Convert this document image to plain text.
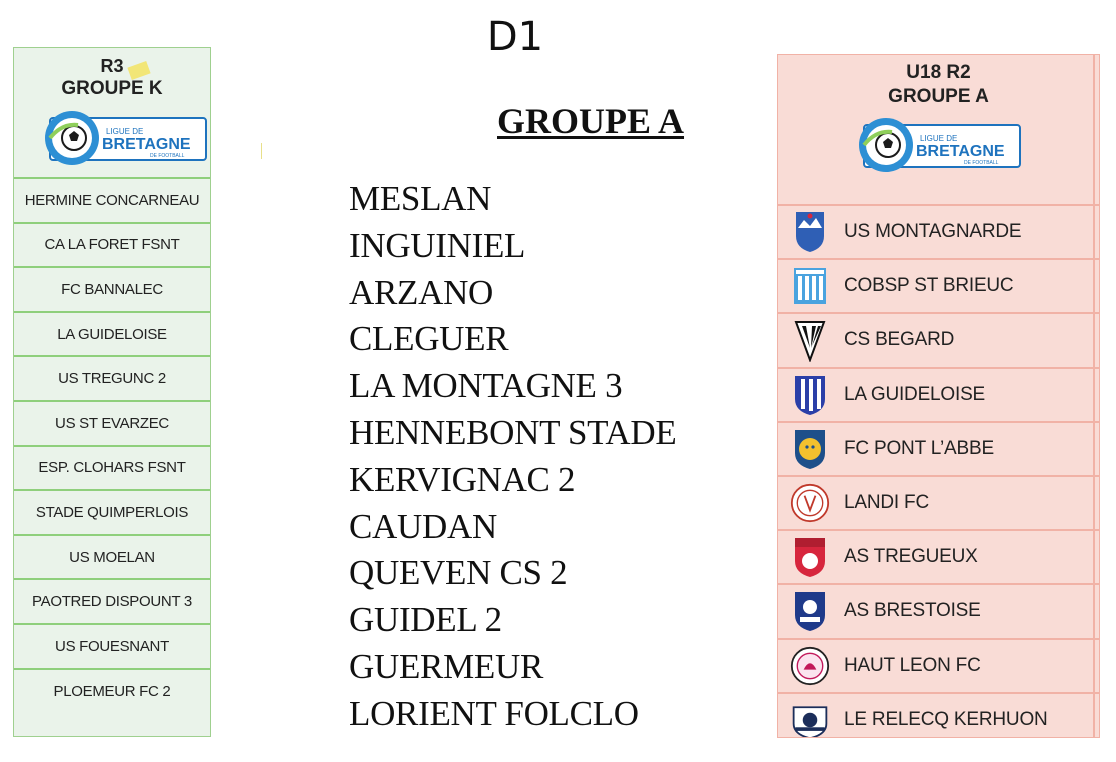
D1
R3
GROUPE K
LIGUE DE
BRETAGNE
DE FOOTBALL
HERMINE CONCARNEAU
CA LA FORET FSNT
FC BANNALEC
LA GUIDELOISE
US TREGUNC 2
US ST EVARZEC
ESP. CLOHARS FSNT
STADE QUIMPERLOIS
US MOELAN
PAOTRED DISPOUNT 3
US FOUESNANT
PLOEMEUR FC 2
GROUPE A
MESLAN
INGUINIEL
ARZANO
CLEGUER
LA MONTAGNE 3
HENNEBONT STADE
KERVIGNAC 2
CAUDAN
QUEVEN CS 2
GUIDEL 2
GUERMEUR
LORIENT FOLCLO
U18 R2
GROUPE A
LIGUE DE
BRETAGNE
DE FOOTBALL
US MONTAGNARDE
COBSP ST BRIEUC
CS BEGARD
LA GUIDELOISE
FC PONT L’ABBE
LANDI FC
AS TREGUEUX
AS BRESTOISE
HAUT LEON FC
LE RELECQ KERHUON
